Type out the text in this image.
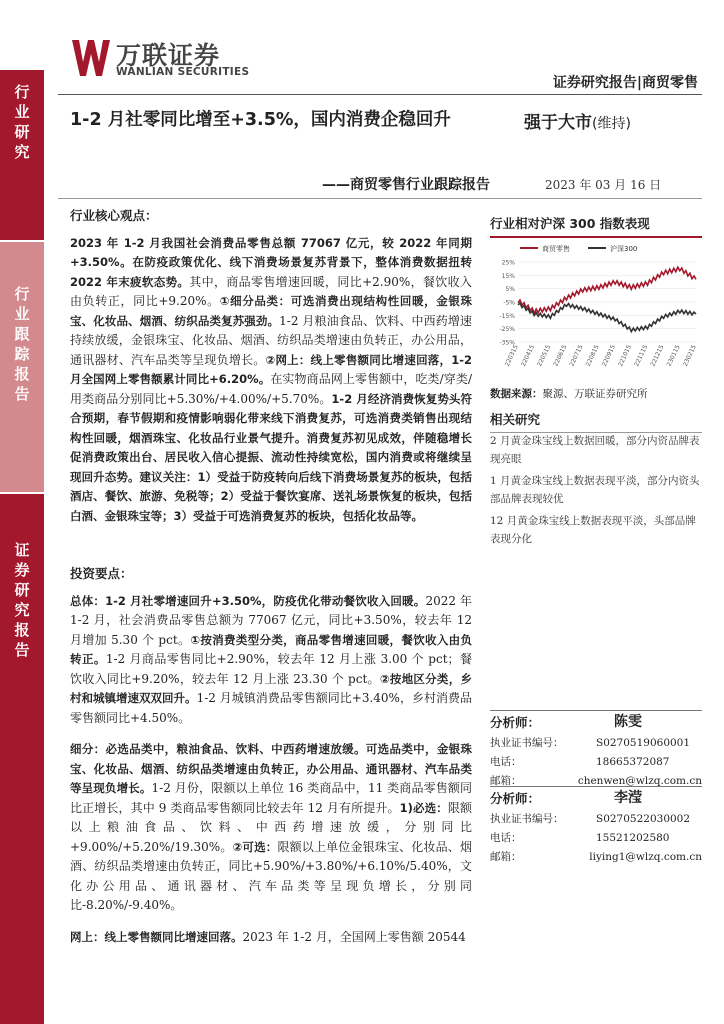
行业研究
行业跟踪报告
证券研究报告
万联证券
WANLIAN SECURITIES
证券研究报告|商贸零售
1-2 月社零同比增至+3.5%，国内消费企稳回升
——商贸零售行业跟踪报告
强于大市(维持)
2023 年 03 月 16 日
行业核心观点：

2023 年 1-2 月我国社会消费品零售总额 77067 亿元，较 2022 年同期+3.50%。在防疫政策优化、线下消费场景复苏背景下，整体消费数据扭转 2022 年末疲软态势。其中，商品零售增速回暖，同比+2.90%，餐饮收入由负转正，同比+9.20%。①细分品类：可选消费出现结构性回暖，金银珠宝、化妆品、烟酒、纺织品类复苏强劲。1-2 月粮油食品、饮料、中西药增速持续放缓，金银珠宝、化妆品、烟酒、纺织品类增速由负转正，办公用品，通讯器材、汽车品类等呈现负增长。②网上：线上零售额同比增速回落，1-2 月全国网上零售额累计同比+6.20%。在实物商品网上零售额中，吃类/穿类/用类商品分别同比+5.30%/+4.00%/+5.70%。1-2 月经济消费恢复势头符合预期，春节假期和疫情影响弱化带来线下消费复苏，可选消费类销售出现结构性回暖，烟酒珠宝、化妆品行业景气提升。消费复苏初见成效，伴随稳增长促消费政策出台、居民收入信心提振、流动性持续宽松，国内消费或将继续呈现回升态势。建议关注：1）受益于防疫转向后线下消费场景复苏的板块，包括酒店、餐饮、旅游、免税等；2）受益于餐饮宴席、送礼场景恢复的板块，包括白酒、金银珠宝等；3）受益于可选消费复苏的板块，包括化妆品等。

投资要点：

总体：1-2 月社零增速回升+3.50%，防疫优化带动餐饮收入回暖。2022 年 1-2 月，社会消费品零售总额为 77067 亿元，同比+3.50%，较去年 12 月增加 5.30 个 pct。①按消费类型分类，商品零售增速回暖，餐饮收入由负转正。1-2 月商品零售同比+2.90%，较去年 12 月上涨 3.00 个 pct；餐饮收入同比+9.20%，较去年 12 月上涨 23.30 个 pct。②按地区分类，乡村和城镇增速双双回升。1-2 月城镇消费品零售额同比+3.40%，乡村消费品零售额同比+4.50%。

细分：必选品类中，粮油食品、饮料、中西药增速放缓。可选品类中，金银珠宝、化妆品、烟酒、纺织品类增速由负转正，办公用品、通讯器材、汽车品类等呈现负增长。1-2 月份，限额以上单位 16 类商品中，11 类商品零售额同比正增长，其中 9 类商品零售额同比较去年 12 月有所提升。1)必选：限额以上粮油食品、饮料、中西药增速放缓，分别同比+9.00%/+5.20%/19.30%。②可选：限额以上单位金银珠宝、化妆品、烟酒、纺织品类增速由负转正，同比+5.90%/+3.80%/+6.10%/5.40%，文化办公用品、通讯器材、汽车品类等呈现负增长，分别同比-8.20%/-9.40%。

网上：线上零售额同比增速回落。2023 年 1-2 月，全国网上零售额 20544

行业相对沪深 300 指数表现
25%
15%
5%
-5%
-15%
-25%
-35%
220315 220415 220515 220615 220715 220815 220915 221015 221115 221215 230115 230215
商贸零售	沪深300
数据来源：聚源、万联证券研究所
相关研究
2 月黄金珠宝线上数据回暖，部分内资品牌表现亮眼
1 月黄金珠宝线上数据表现平淡，部分内资头部品牌表现较优
12 月黄金珠宝线上数据表现平淡，头部品牌表现分化
分析师：	陈雯
执业证书编号：	S0270519060001
电话：	18665372087
邮箱：	chenwen@wlzq.com.cn
分析师：	李滢
执业证书编号：	S0270522030002
电话：	15521202580
邮箱：	liying1@wlzq.com.cn
